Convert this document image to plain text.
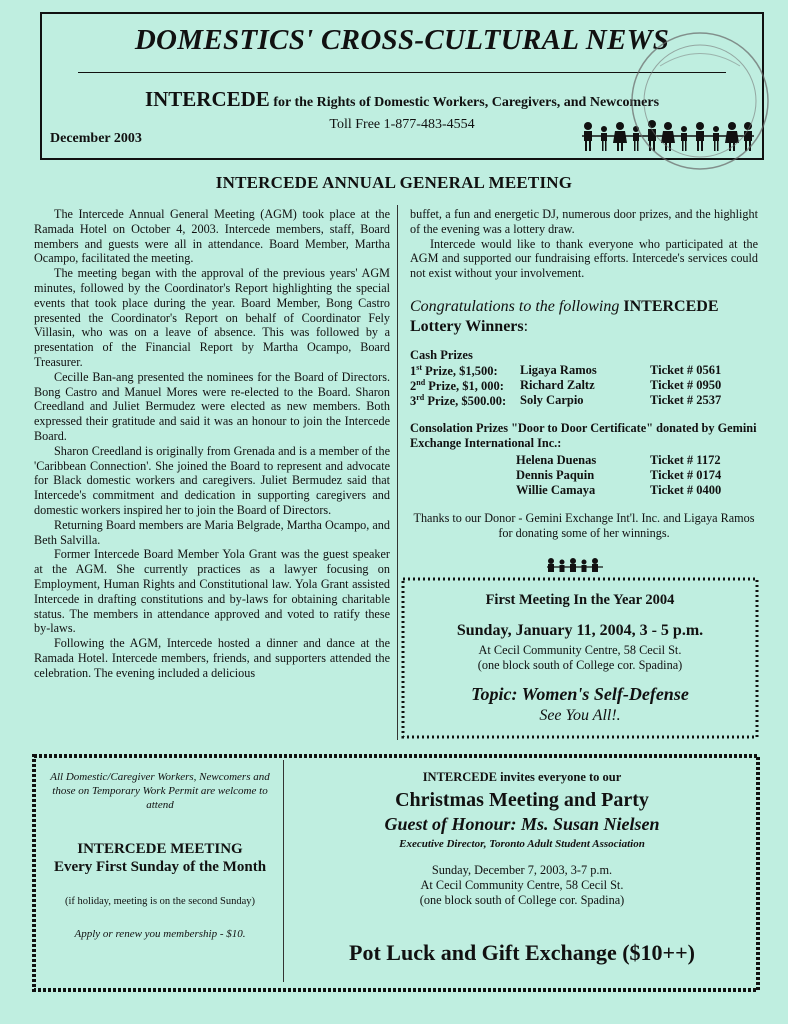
DOMESTICS' CROSS-CULTURAL NEWS
INTERCEDE for the Rights of Domestic Workers, Caregivers, and Newcomers
Toll Free 1-877-483-4554
December 2003
INTERCEDE ANNUAL GENERAL MEETING

The Intercede Annual General Meeting (AGM) took place at the Ramada Hotel on October 4, 2003. Intercede members, staff, Board members and guests were all in attendance. Board Member, Martha Ocampo, facilitated the meeting.

The meeting began with the approval of the previous years' AGM minutes, followed by the Coordinator's Report highlighting the special events that took place during the year. Board Member, Bong Castro presented the Coordinator's Report on behalf of Coordinator Fely Villasin, who was on a leave of absence. This was followed by a presentation of the Financial Report by Martha Ocampo, Board Treasurer.

Cecille Ban-ang presented the nominees for the Board of Directors. Bong Castro and Manuel Mores were re-elected to the Board. Sharon Creedland and Juliet Bermudez were elected as new members. Both expressed their gratitude and said it was an honour to join the Intercede Board.

Sharon Creedland is originally from Grenada and is a member of the 'Caribbean Connection'. She joined the Board to represent and advocate for Black domestic workers and caregivers. Juliet Bermudez said that Intercede's commitment and dedication in supporting caregivers and domestic workers inspired her to join the Board of Directors.

Returning Board members are Maria Belgrade, Martha Ocampo, and Beth Salvilla.

Former Intercede Board Member Yola Grant was the guest speaker at the AGM. She currently practices as a lawyer focusing on Employment, Human Rights and Constitutional law. Yola Grant assisted Intercede in drafting constitutions and by-laws for obtaining charitable status. The members in attendance approved and voted to ratify these by-laws.

Following the AGM, Intercede hosted a dinner and dance at the Ramada Hotel. Intercede members, friends, and supporters attended the celebration. The evening included a delicious

buffet, a fun and energetic DJ, numerous door prizes, and the highlight of the evening was a lottery draw.

Intercede would like to thank everyone who participated at the AGM and supported our fundraising efforts. Intercede's services could not exist without your involvement.

Congratulations to the following INTERCEDE
Lottery Winners:
Cash Prizes
1st Prize, $1,500: Ligaya Ramos	Ticket # 0561
2nd Prize, $1, 000: Richard Zaltz	Ticket # 0950
3rd Prize, $500.00: Soly Carpio	Ticket # 2537
Consolation Prizes "Door to Door Certificate" donated by Gemini Exchange International Inc.:
Helena Duenas	Ticket # 1172
Dennis Paquin	Ticket # 0174
Willie Camaya	Ticket # 0400
Thanks to our Donor - Gemini Exchange Int'l. Inc. and Ligaya Ramos for donating some of her winnings.
First Meeting In the Year 2004
Sunday, January 11, 2004, 3 - 5 p.m.
At Cecil Community Centre, 58 Cecil St.
(one block south of College cor. Spadina)
Topic: Women's Self-Defense
See You All!.
All Domestic/Caregiver Workers, Newcomers and those on Temporary Work Permit are welcome to attend
INTERCEDE MEETING
Every First Sunday of the Month
(if holiday, meeting is on the second Sunday)
Apply or renew you membership - $10.
INTERCEDE invites everyone to our
Christmas Meeting and Party
Guest of Honour: Ms. Susan Nielsen
Executive Director, Toronto Adult Student Association
Sunday, December 7, 2003, 3-7 p.m.
At Cecil Community Centre, 58 Cecil St.
(one block south of College cor. Spadina)
Pot Luck and Gift Exchange ($10++)
